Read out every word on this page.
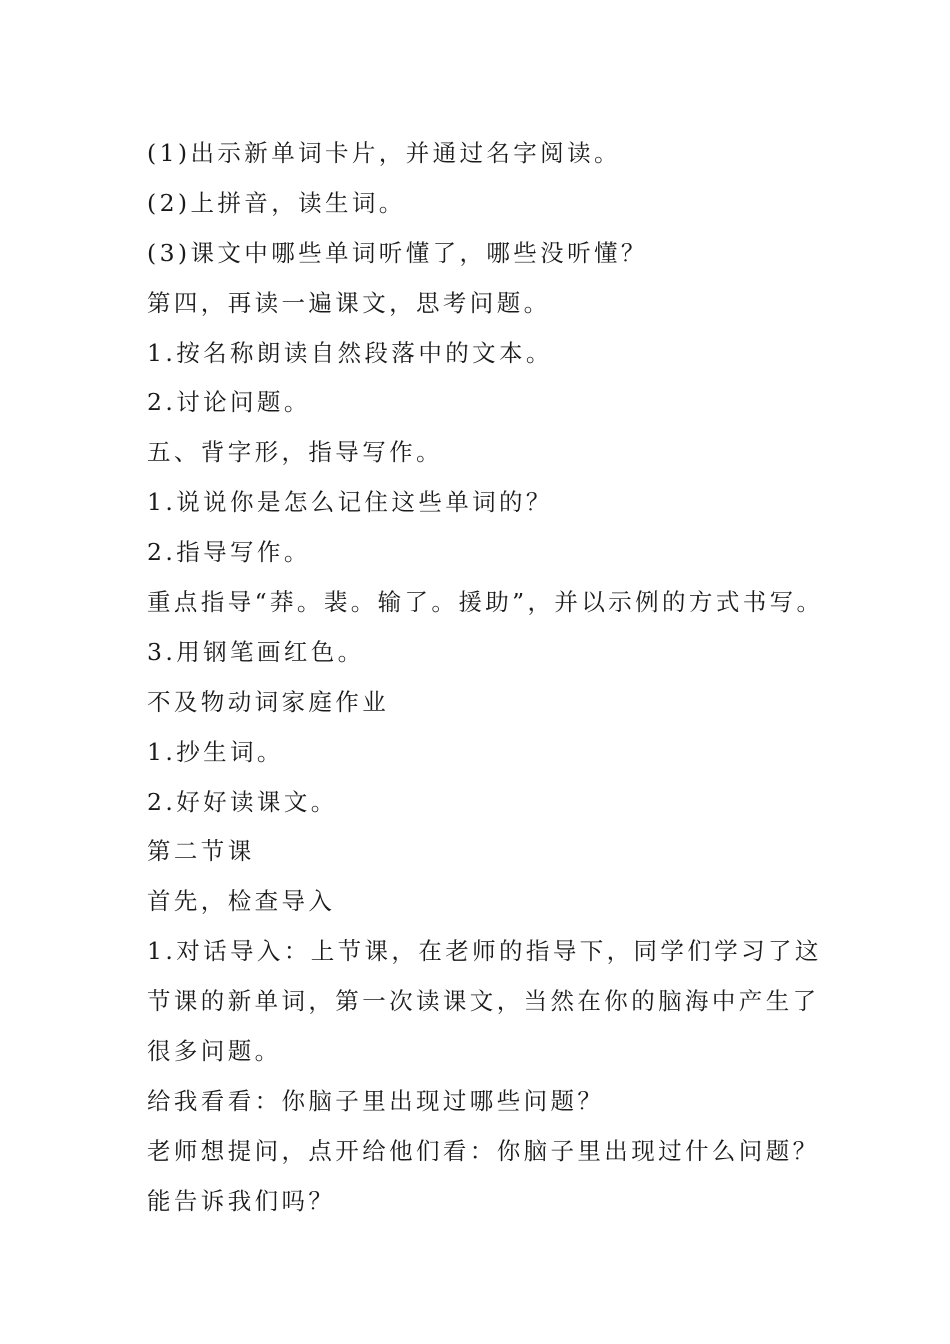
(1)出示新单词卡片，并通过名字阅读。

(2)上拼音，读生词。

(3)课文中哪些单词听懂了，哪些没听懂？

第四，再读一遍课文，思考问题。

1.按名称朗读自然段落中的文本。

2.讨论问题。

五、背字形，指导写作。

1.说说你是怎么记住这些单词的？

2.指导写作。

重点指导“莽。裴。输了。援助”，并以示例的方式书写。

3.用钢笔画红色。

不及物动词家庭作业

1.抄生词。

2.好好读课文。

第二节课

首先，检查导入

1.对话导入：上节课，在老师的指导下，同学们学习了这

节课的新单词，第一次读课文，当然在你的脑海中产生了

很多问题。

给我看看：你脑子里出现过哪些问题？

老师想提问，点开给他们看：你脑子里出现过什么问题？

能告诉我们吗？
